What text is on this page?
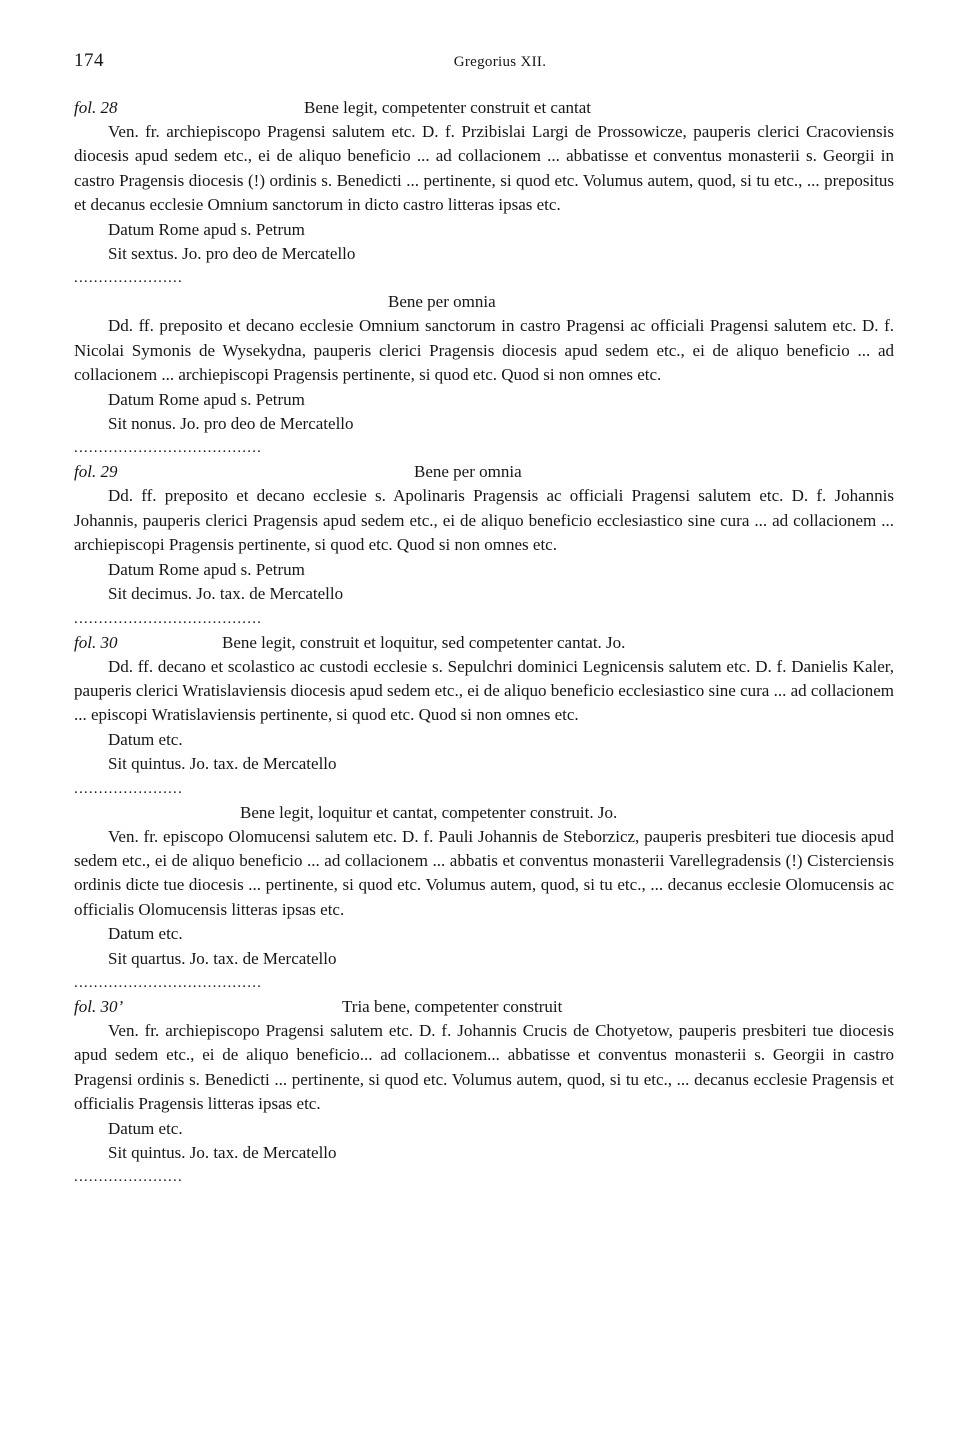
174	Gregorius XII.
fol. 28	Bene legit, competenter construit et cantat

Ven. fr. archiepiscopo Pragensi salutem etc. D. f. Przibislai Largi de Prossowicze, pauperis clerici Cracoviensis diocesis apud sedem etc., ei de aliquo beneficio ... ad collacionem ... abbatisse et conventus monasterii s. Georgii in castro Pragensis diocesis (!) ordinis s. Benedicti ... pertinente, si quod etc. Volumus autem, quod, si tu etc., ... prepositus et decanus ecclesie Omnium sanctorum in dicto castro litteras ipsas etc.

Datum Rome apud s. Petrum

Sit sextus. Jo. pro deo de Mercatello

......................
Bene per omnia

Dd. ff. preposito et decano ecclesie Omnium sanctorum in castro Pragensi ac officiali Pragensi salutem etc. D. f. Nicolai Symonis de Wysekydna, pauperis clerici Pragensis diocesis apud sedem etc., ei de aliquo beneficio ... ad collacionem ... archiepiscopi Pragensis pertinente, si quod etc. Quod si non omnes etc.

Datum Rome apud s. Petrum

Sit nonus. Jo. pro deo de Mercatello

......................................
fol. 29	Bene per omnia

Dd. ff. preposito et decano ecclesie s. Apolinaris Pragensis ac officiali Pragensi salutem etc. D. f. Johannis Johannis, pauperis clerici Pragensis apud sedem etc., ei de aliquo beneficio ecclesiastico sine cura ... ad collacionem ... archiepiscopi Pragensis pertinente, si quod etc. Quod si non omnes etc.

Datum Rome apud s. Petrum

Sit decimus. Jo. tax. de Mercatello

......................................
fol. 30	Bene legit, construit et loquitur, sed competenter cantat. Jo.

Dd. ff. decano et scolastico ac custodi ecclesie s. Sepulchri dominici Legnicensis salutem etc. D. f. Danielis Kaler, pauperis clerici Wratislaviensis diocesis apud sedem etc., ei de aliquo beneficio ecclesiastico sine cura ... ad collacionem ... episcopi Wratislaviensis pertinente, si quod etc. Quod si non omnes etc.

Datum etc.

Sit quintus. Jo. tax. de Mercatello

......................
Bene legit, loquitur et cantat, competenter construit. Jo.

Ven. fr. episcopo Olomucensi salutem etc. D. f. Pauli Johannis de Steborzicz, pauperis presbiteri tue diocesis apud sedem etc., ei de aliquo beneficio ... ad collacionem ... abbatis et conventus monasterii Varellegradensis (!) Cisterciensis ordinis dicte tue diocesis ... pertinente, si quod etc. Volumus autem, quod, si tu etc., ... decanus ecclesie Olomucensis ac officialis Olomucensis litteras ipsas etc.

Datum etc.

Sit quartus. Jo. tax. de Mercatello

......................................
fol. 30’	Tria bene, competenter construit

Ven. fr. archiepiscopo Pragensi salutem etc. D. f. Johannis Crucis de Chotyetow, pauperis presbiteri tue diocesis apud sedem etc., ei de aliquo beneficio... ad collacionem... abbatisse et conventus monasterii s. Georgii in castro Pragensi ordinis s. Benedicti ... pertinente, si quod etc. Volumus autem, quod, si tu etc., ... decanus ecclesie Pragensis et officialis Pragensis litteras ipsas etc.

Datum etc.

Sit quintus. Jo. tax. de Mercatello

......................
